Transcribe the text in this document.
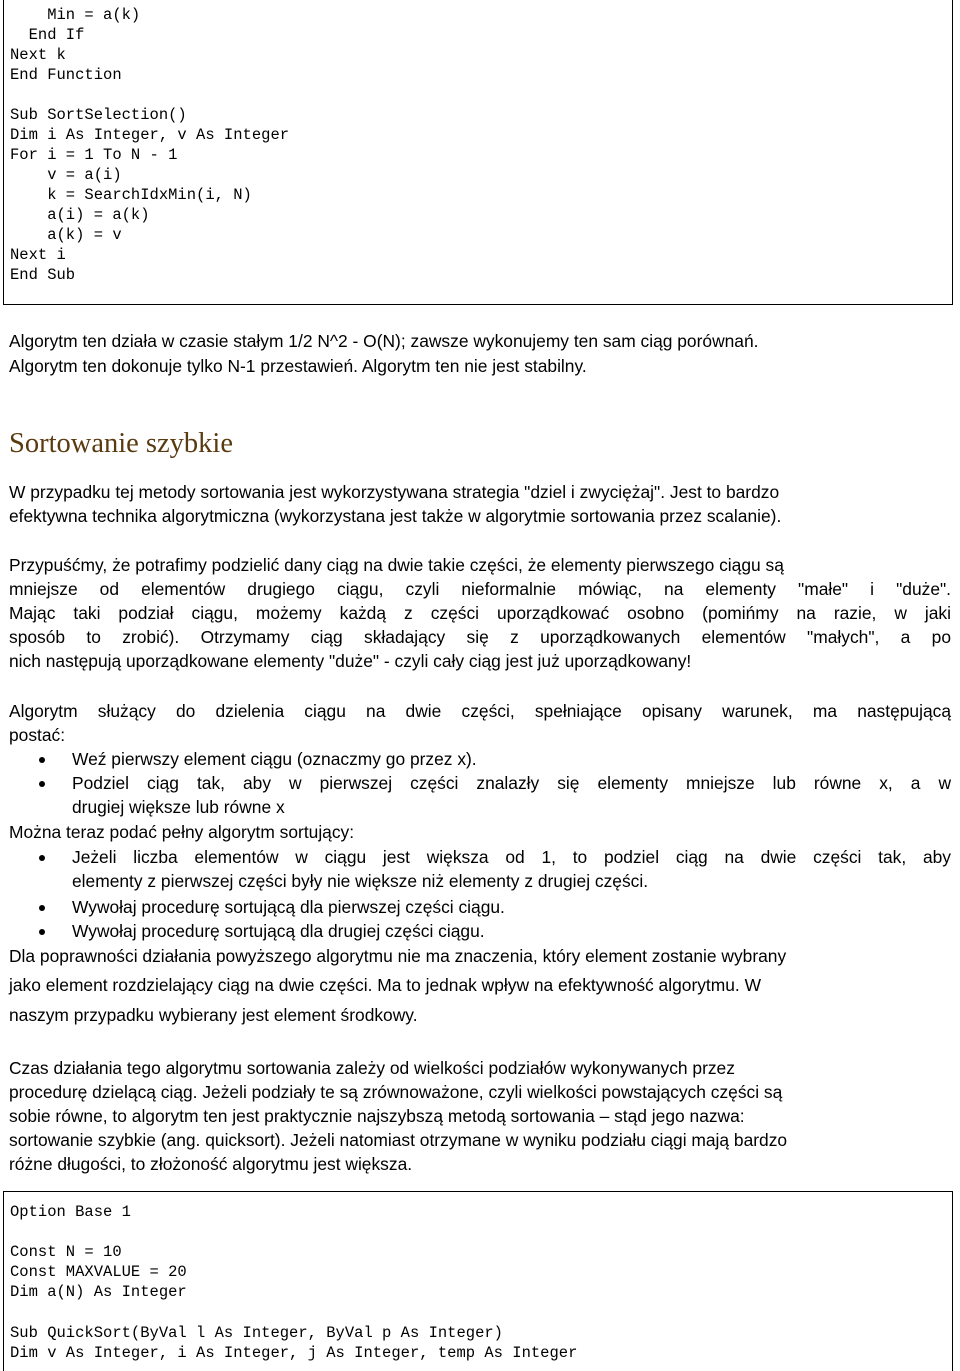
Min = a(k)
End If
Next k
End Function
Sub SortSelection()
Dim i As Integer, v As Integer
For i = 1 To N - 1
v = a(i)
k = SearchIdxMin(i, N)
a(i) = a(k)
a(k) = v
Next i
End Sub

Algorytm ten działa w czasie stałym 1/2 N^2 - O(N); zawsze wykonujemy ten sam ciąg porównań.

Algorytm ten dokonuje tylko N-1 przestawień. Algorytm ten nie jest stabilny.

Sortowanie szybkie

W przypadku tej metody sortowania jest wykorzystywana strategia "dziel i zwyciężaj". Jest to bardzo

efektywna technika algorytmiczna (wykorzystana jest także w algorytmie sortowania przez scalanie).

Przypuśćmy, że potrafimy podzielić dany ciąg na dwie takie części, że elementy pierwszego ciągu są

mniejsze od elementów drugiego ciągu, czyli nieformalnie mówiąc, na elementy "małe" i "duże".

Mając taki podział ciągu, możemy każdą z części uporządkować osobno (pomińmy na razie, w jaki

sposób to zrobić). Otrzymamy ciąg składający się z uporządkowanych elementów "małych", a po

nich następują uporządkowane elementy "duże" - czyli cały ciąg jest już uporządkowany!

Algorytm służący do dzielenia ciągu na dwie części, spełniające opisany warunek, ma następującą

postać:

Weź pierwszy element ciągu (oznaczmy go przez x).

Podziel ciąg tak, aby w pierwszej części znalazły się elementy mniejsze lub równe x, a w

drugiej większe lub równe x

Można teraz podać pełny algorytm sortujący:

Jeżeli liczba elementów w ciągu jest większa od 1, to podziel ciąg na dwie części tak, aby

elementy z pierwszej części były nie większe niż elementy z drugiej części.

Wywołaj procedurę sortującą dla pierwszej części ciągu.

Wywołaj procedurę sortującą dla drugiej części ciągu.

Dla poprawności działania powyższego algorytmu nie ma znaczenia, który element zostanie wybrany

jako element rozdzielający ciąg na dwie części. Ma to jednak wpływ na efektywność algorytmu. W

naszym przypadku wybierany jest element środkowy.

Czas działania tego algorytmu sortowania zależy od wielkości podziałów wykonywanych przez

procedurę dzielącą ciąg. Jeżeli podziały te są zrównoważone, czyli wielkości powstających części są

sobie równe, to algorytm ten jest praktycznie najszybszą metodą sortowania – stąd jego nazwa:

sortowanie szybkie (ang. quicksort). Jeżeli natomiast otrzymane w wyniku podziału ciągi mają bardzo

różne długości, to złożoność algorytmu jest większa.

Option Base 1
Const N = 10
Const MAXVALUE = 20
Dim a(N) As Integer
Sub QuickSort(ByVal l As Integer, ByVal p As Integer)
Dim v As Integer, i As Integer, j As Integer, temp As Integer
